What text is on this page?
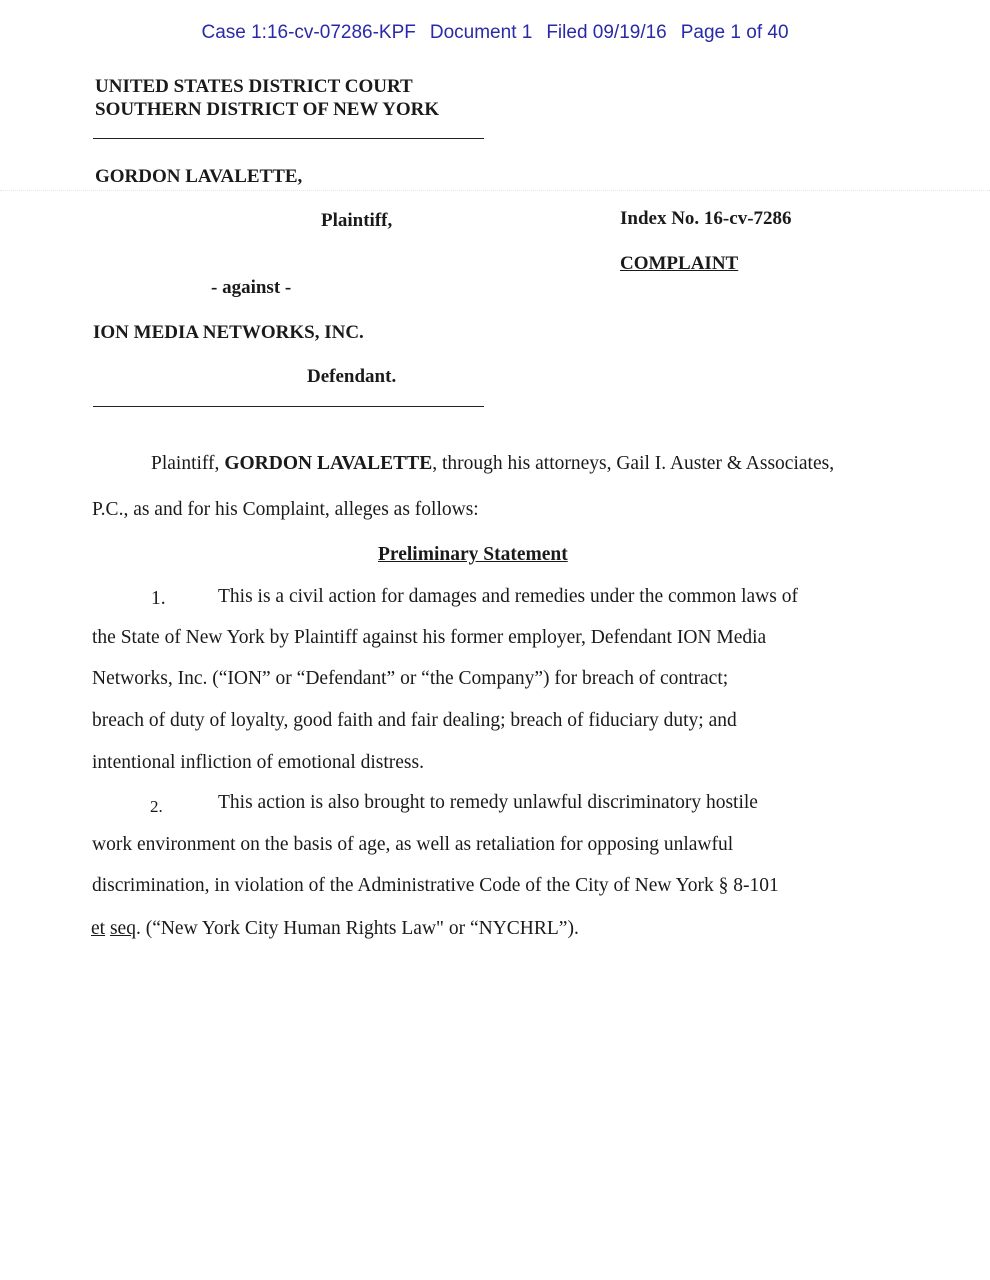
Case 1:16-cv-07286-KPF Document 1 Filed 09/19/16 Page 1 of 40
UNITED STATES DISTRICT COURT
SOUTHERN DISTRICT OF NEW YORK
GORDON LAVALETTE,
Plaintiff,	Index No. 16-cv-7286
COMPLAINT
- against -
ION MEDIA NETWORKS, INC.
Defendant.
Plaintiff, GORDON LAVALETTE, through his attorneys, Gail I. Auster & Associates,
P.C., as and for his Complaint, alleges as follows:
Preliminary Statement
1.	This is a civil action for damages and remedies under the common laws of
the State of New York by Plaintiff against his former employer, Defendant ION Media
Networks, Inc. (“ION” or “Defendant” or “the Company”) for breach of contract;
breach of duty of loyalty, good faith and fair dealing; breach of fiduciary duty; and
intentional infliction of emotional distress.
2.	This action is also brought to remedy unlawful discriminatory hostile
work environment on the basis of age, as well as retaliation for opposing unlawful
discrimination, in violation of the Administrative Code of the City of New York § 8-101
et seq. (“New York City Human Rights Law" or “NYCHRL”).
